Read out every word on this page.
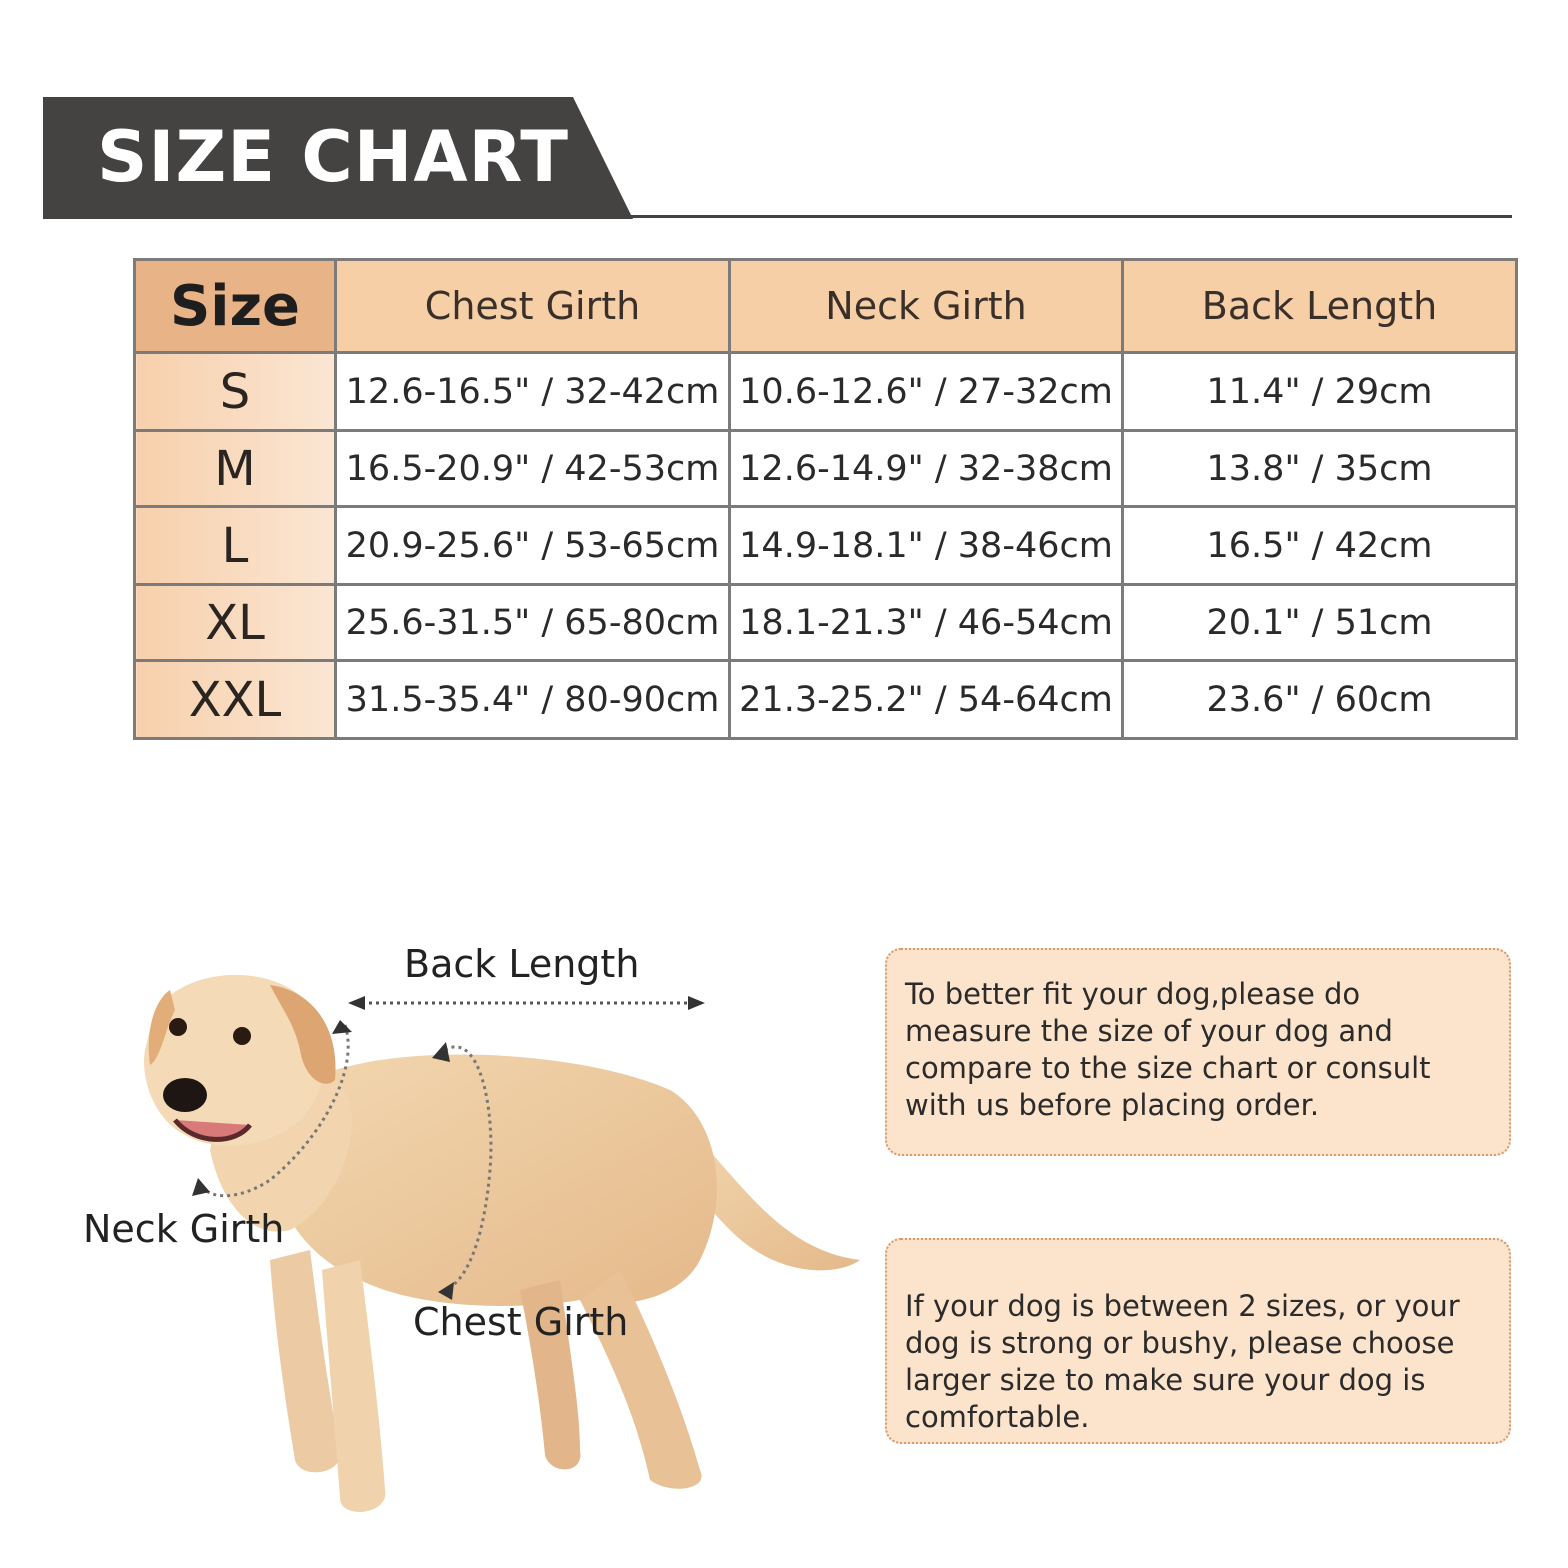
SIZE CHART
Size	Chest Girth	Neck Girth	Back Length
S	12.6-16.5" / 32-42cm	10.6-12.6" / 27-32cm	11.4" / 29cm
M	16.5-20.9" / 42-53cm	12.6-14.9" / 32-38cm	13.8" / 35cm
L	20.9-25.6" / 53-65cm	14.9-18.1" / 38-46cm	16.5" / 42cm
XL	25.6-31.5" / 65-80cm	18.1-21.3" / 46-54cm	20.1" / 51cm
XXL	31.5-35.4" / 80-90cm	21.3-25.2" / 54-64cm	23.6" / 60cm
Back Length
Neck Girth
Chest Girth
To better fit your dog,please do measure the size of your dog and compare to the size chart or consult with us before placing order.
If your dog is between 2 sizes, or your dog is strong or bushy, please choose larger size to make sure your dog is comfortable.
